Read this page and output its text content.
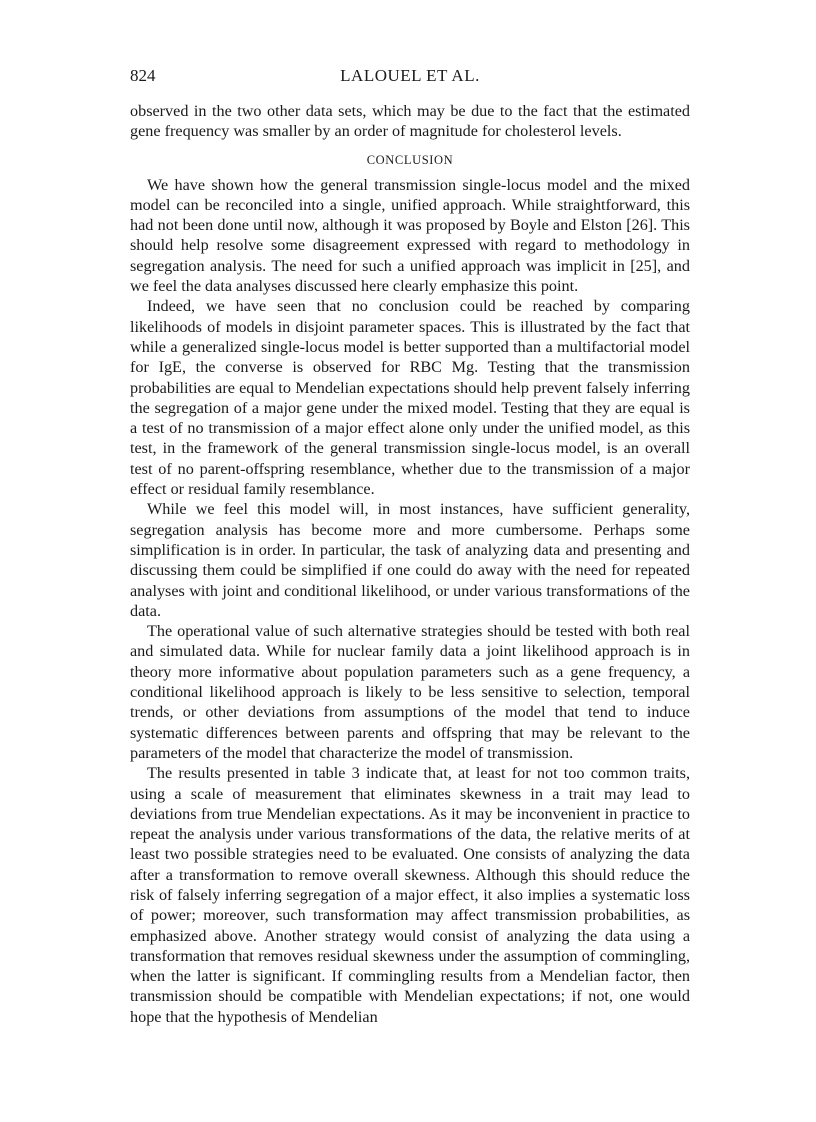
824	LALOUEL ET AL.

observed in the two other data sets, which may be due to the fact that the estimated gene frequency was smaller by an order of magnitude for cholesterol levels.

CONCLUSION

We have shown how the general transmission single-locus model and the mixed model can be reconciled into a single, unified approach. While straightforward, this had not been done until now, although it was proposed by Boyle and Elston [26]. This should help resolve some disagreement expressed with regard to methodology in segregation analysis. The need for such a unified approach was implicit in [25], and we feel the data analyses discussed here clearly emphasize this point.

Indeed, we have seen that no conclusion could be reached by comparing likelihoods of models in disjoint parameter spaces. This is illustrated by the fact that while a generalized single-locus model is better supported than a multifactorial model for IgE, the converse is observed for RBC Mg. Testing that the transmission probabilities are equal to Mendelian expectations should help prevent falsely inferring the segregation of a major gene under the mixed model. Testing that they are equal is a test of no transmission of a major effect alone only under the unified model, as this test, in the framework of the general transmission single-locus model, is an overall test of no parent-offspring resemblance, whether due to the transmission of a major effect or residual family resemblance.

While we feel this model will, in most instances, have sufficient generality, segregation analysis has become more and more cumbersome. Perhaps some simplification is in order. In particular, the task of analyzing data and presenting and discussing them could be simplified if one could do away with the need for repeated analyses with joint and conditional likelihood, or under various transformations of the data.

The operational value of such alternative strategies should be tested with both real and simulated data. While for nuclear family data a joint likelihood approach is in theory more informative about population parameters such as a gene frequency, a conditional likelihood approach is likely to be less sensitive to selection, temporal trends, or other deviations from assumptions of the model that tend to induce systematic differences between parents and offspring that may be relevant to the parameters of the model that characterize the model of transmission.

The results presented in table 3 indicate that, at least for not too common traits, using a scale of measurement that eliminates skewness in a trait may lead to deviations from true Mendelian expectations. As it may be inconvenient in practice to repeat the analysis under various transformations of the data, the relative merits of at least two possible strategies need to be evaluated. One consists of analyzing the data after a transformation to remove overall skewness. Although this should reduce the risk of falsely inferring segregation of a major effect, it also implies a systematic loss of power; moreover, such transformation may affect transmission probabilities, as emphasized above. Another strategy would consist of analyzing the data using a transformation that removes residual skewness under the assumption of commingling, when the latter is significant. If commingling results from a Mendelian factor, then transmission should be compatible with Mendelian expectations; if not, one would hope that the hypothesis of Mendelian
